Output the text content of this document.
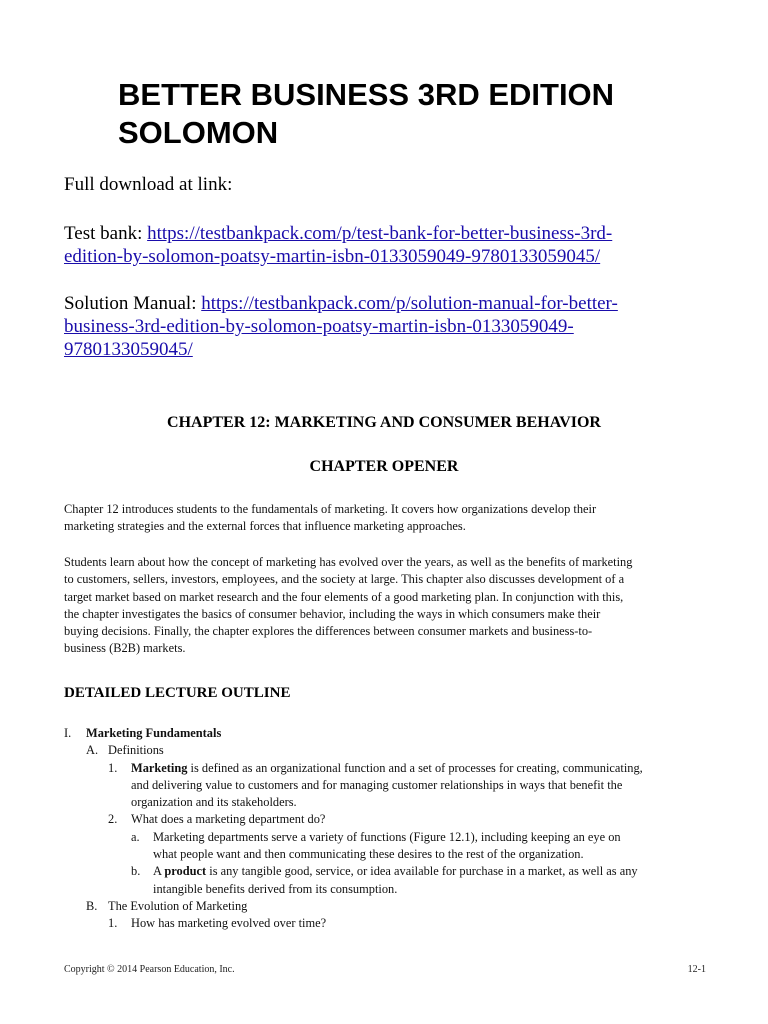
BETTER BUSINESS 3RD EDITION
SOLOMON
Full download at link:
Test bank: https://testbankpack.com/p/test-bank-for-better-business-3rd-
edition-by-solomon-poatsy-martin-isbn-0133059049-9780133059045/
Solution Manual: https://testbankpack.com/p/solution-manual-for-better-
business-3rd-edition-by-solomon-poatsy-martin-isbn-0133059049-
9780133059045/
CHAPTER 12: MARKETING AND CONSUMER BEHAVIOR
CHAPTER OPENER
Chapter 12 introduces students to the fundamentals of marketing. It covers how organizations develop their
marketing strategies and the external forces that influence marketing approaches.
Students learn about how the concept of marketing has evolved over the years, as well as the benefits of marketing
to customers, sellers, investors, employees, and the society at large. This chapter also discusses development of a
target market based on market research and the four elements of a good marketing plan. In conjunction with this,
the chapter investigates the basics of consumer behavior, including the ways in which consumers make their
buying decisions. Finally, the chapter explores the differences between consumer markets and business-to-
business (B2B) markets.
DETAILED LECTURE OUTLINE
I. Marketing Fundamentals
A. Definitions
1. Marketing is defined as an organizational function and a set of processes for creating, communicating,
and delivering value to customers and for managing customer relationships in ways that benefit the
organization and its stakeholders.
2. What does a marketing department do?
a. Marketing departments serve a variety of functions (Figure 12.1), including keeping an eye on
what people want and then communicating these desires to the rest of the organization.
b. A product is any tangible good, service, or idea available for purchase in a market, as well as any
intangible benefits derived from its consumption.
B. The Evolution of Marketing
1. How has marketing evolved over time?
Copyright © 2014 Pearson Education, Inc.	12-1
